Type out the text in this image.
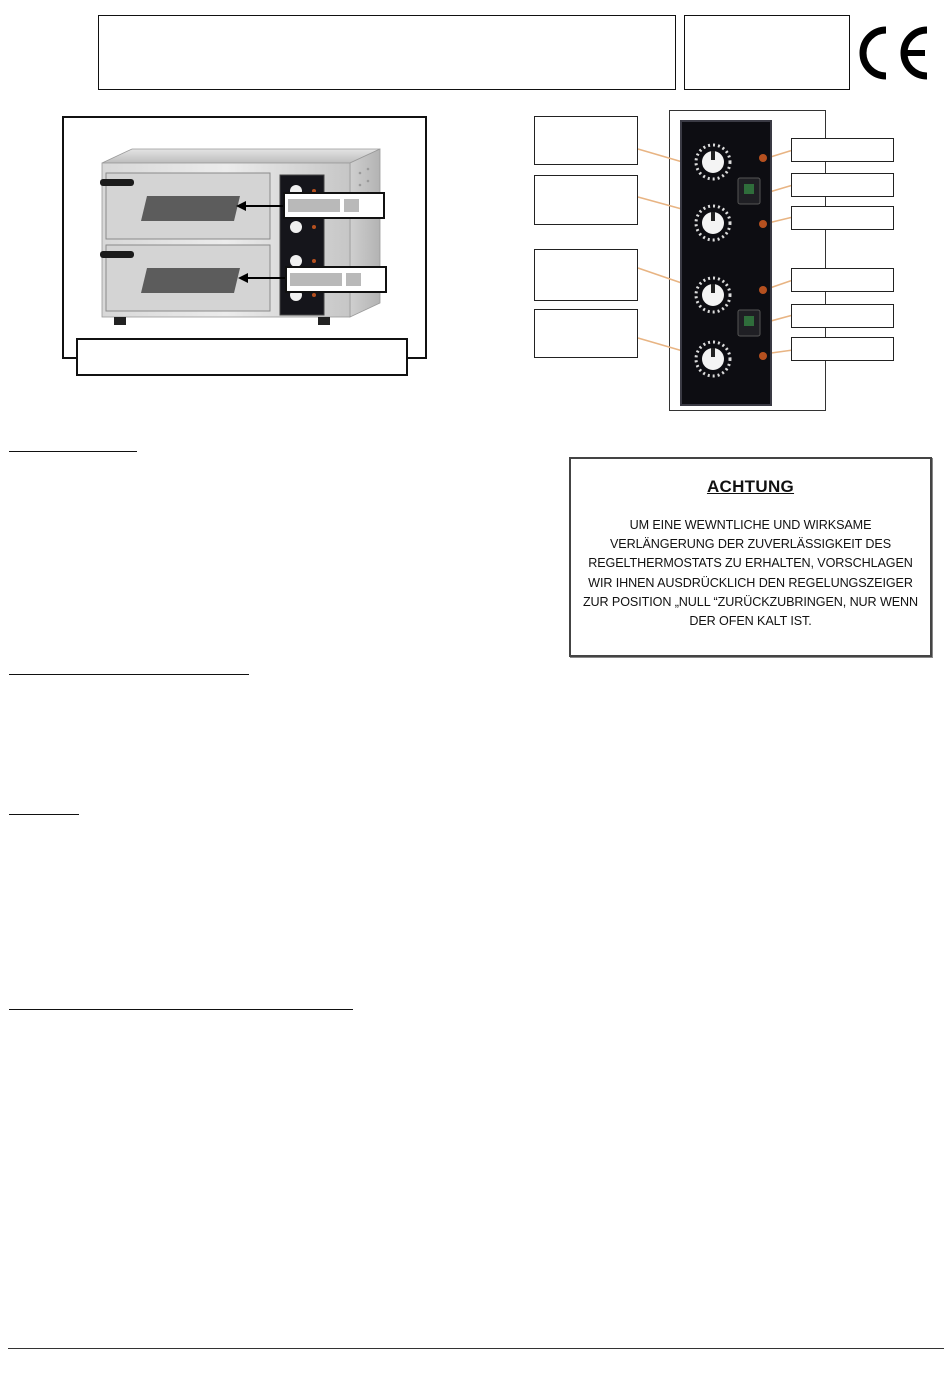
ACHTUNG
UM EINE WEWNTLICHE UND WIRKSAME VERLÄNGERUNG DER ZUVERLÄSSIGKEIT DES REGELTHERMOSTATS ZU ERHALTEN, VORSCHLAGEN WIR IHNEN AUSDRÜCKLICH DEN REGELUNGSZEIGER ZUR POSITION „NULL “ZURÜCKZUBRINGEN, NUR WENN DER OFEN KALT IST.
